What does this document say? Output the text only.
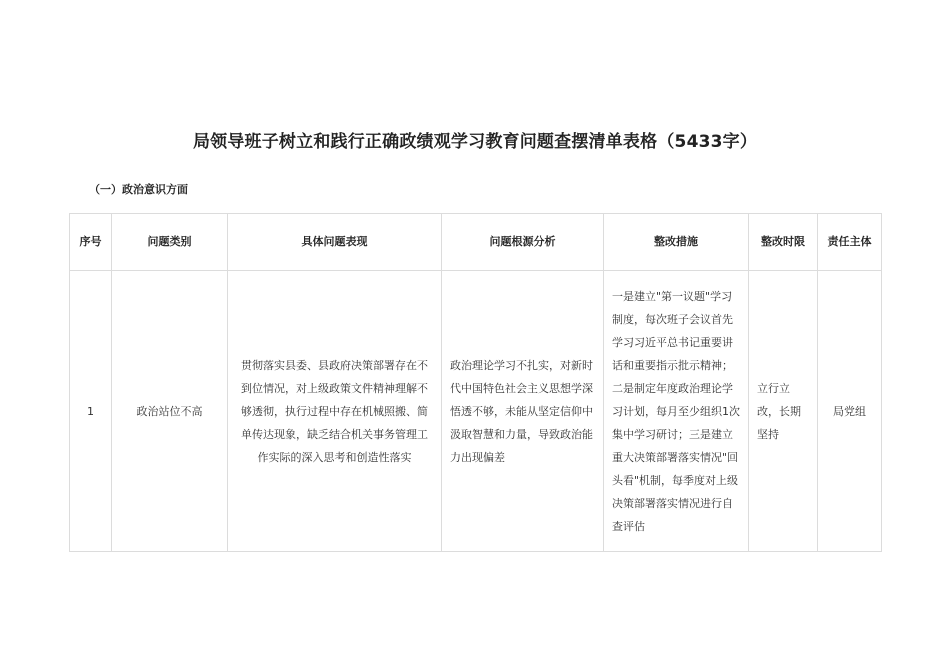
局领导班子树立和践行正确政绩观学习教育问题查摆清单表格（5433字）
（一）政治意识方面
序号	问题类别	具体问题表现	问题根源分析	整改措施	整改时限	责任主体
1	政治站位不高	贯彻落实县委、县政府决策部署存在不到位情况，对上级政策文件精神理解不够透彻，执行过程中存在机械照搬、简单传达现象，缺乏结合机关事务管理工作实际的深入思考和创造性落实	政治理论学习不扎实，对新时代中国特色社会主义思想学深悟透不够，未能从坚定信仰中汲取智慧和力量，导致政治能力出现偏差	一是建立"第一议题"学习制度，每次班子会议首先学习习近平总书记重要讲话和重要指示批示精神；二是制定年度政治理论学习计划，每月至少组织1次集中学习研讨；三是建立重大决策部署落实情况"回头看"机制，每季度对上级决策部署落实情况进行自查评估	立行立改，长期坚持	局党组
